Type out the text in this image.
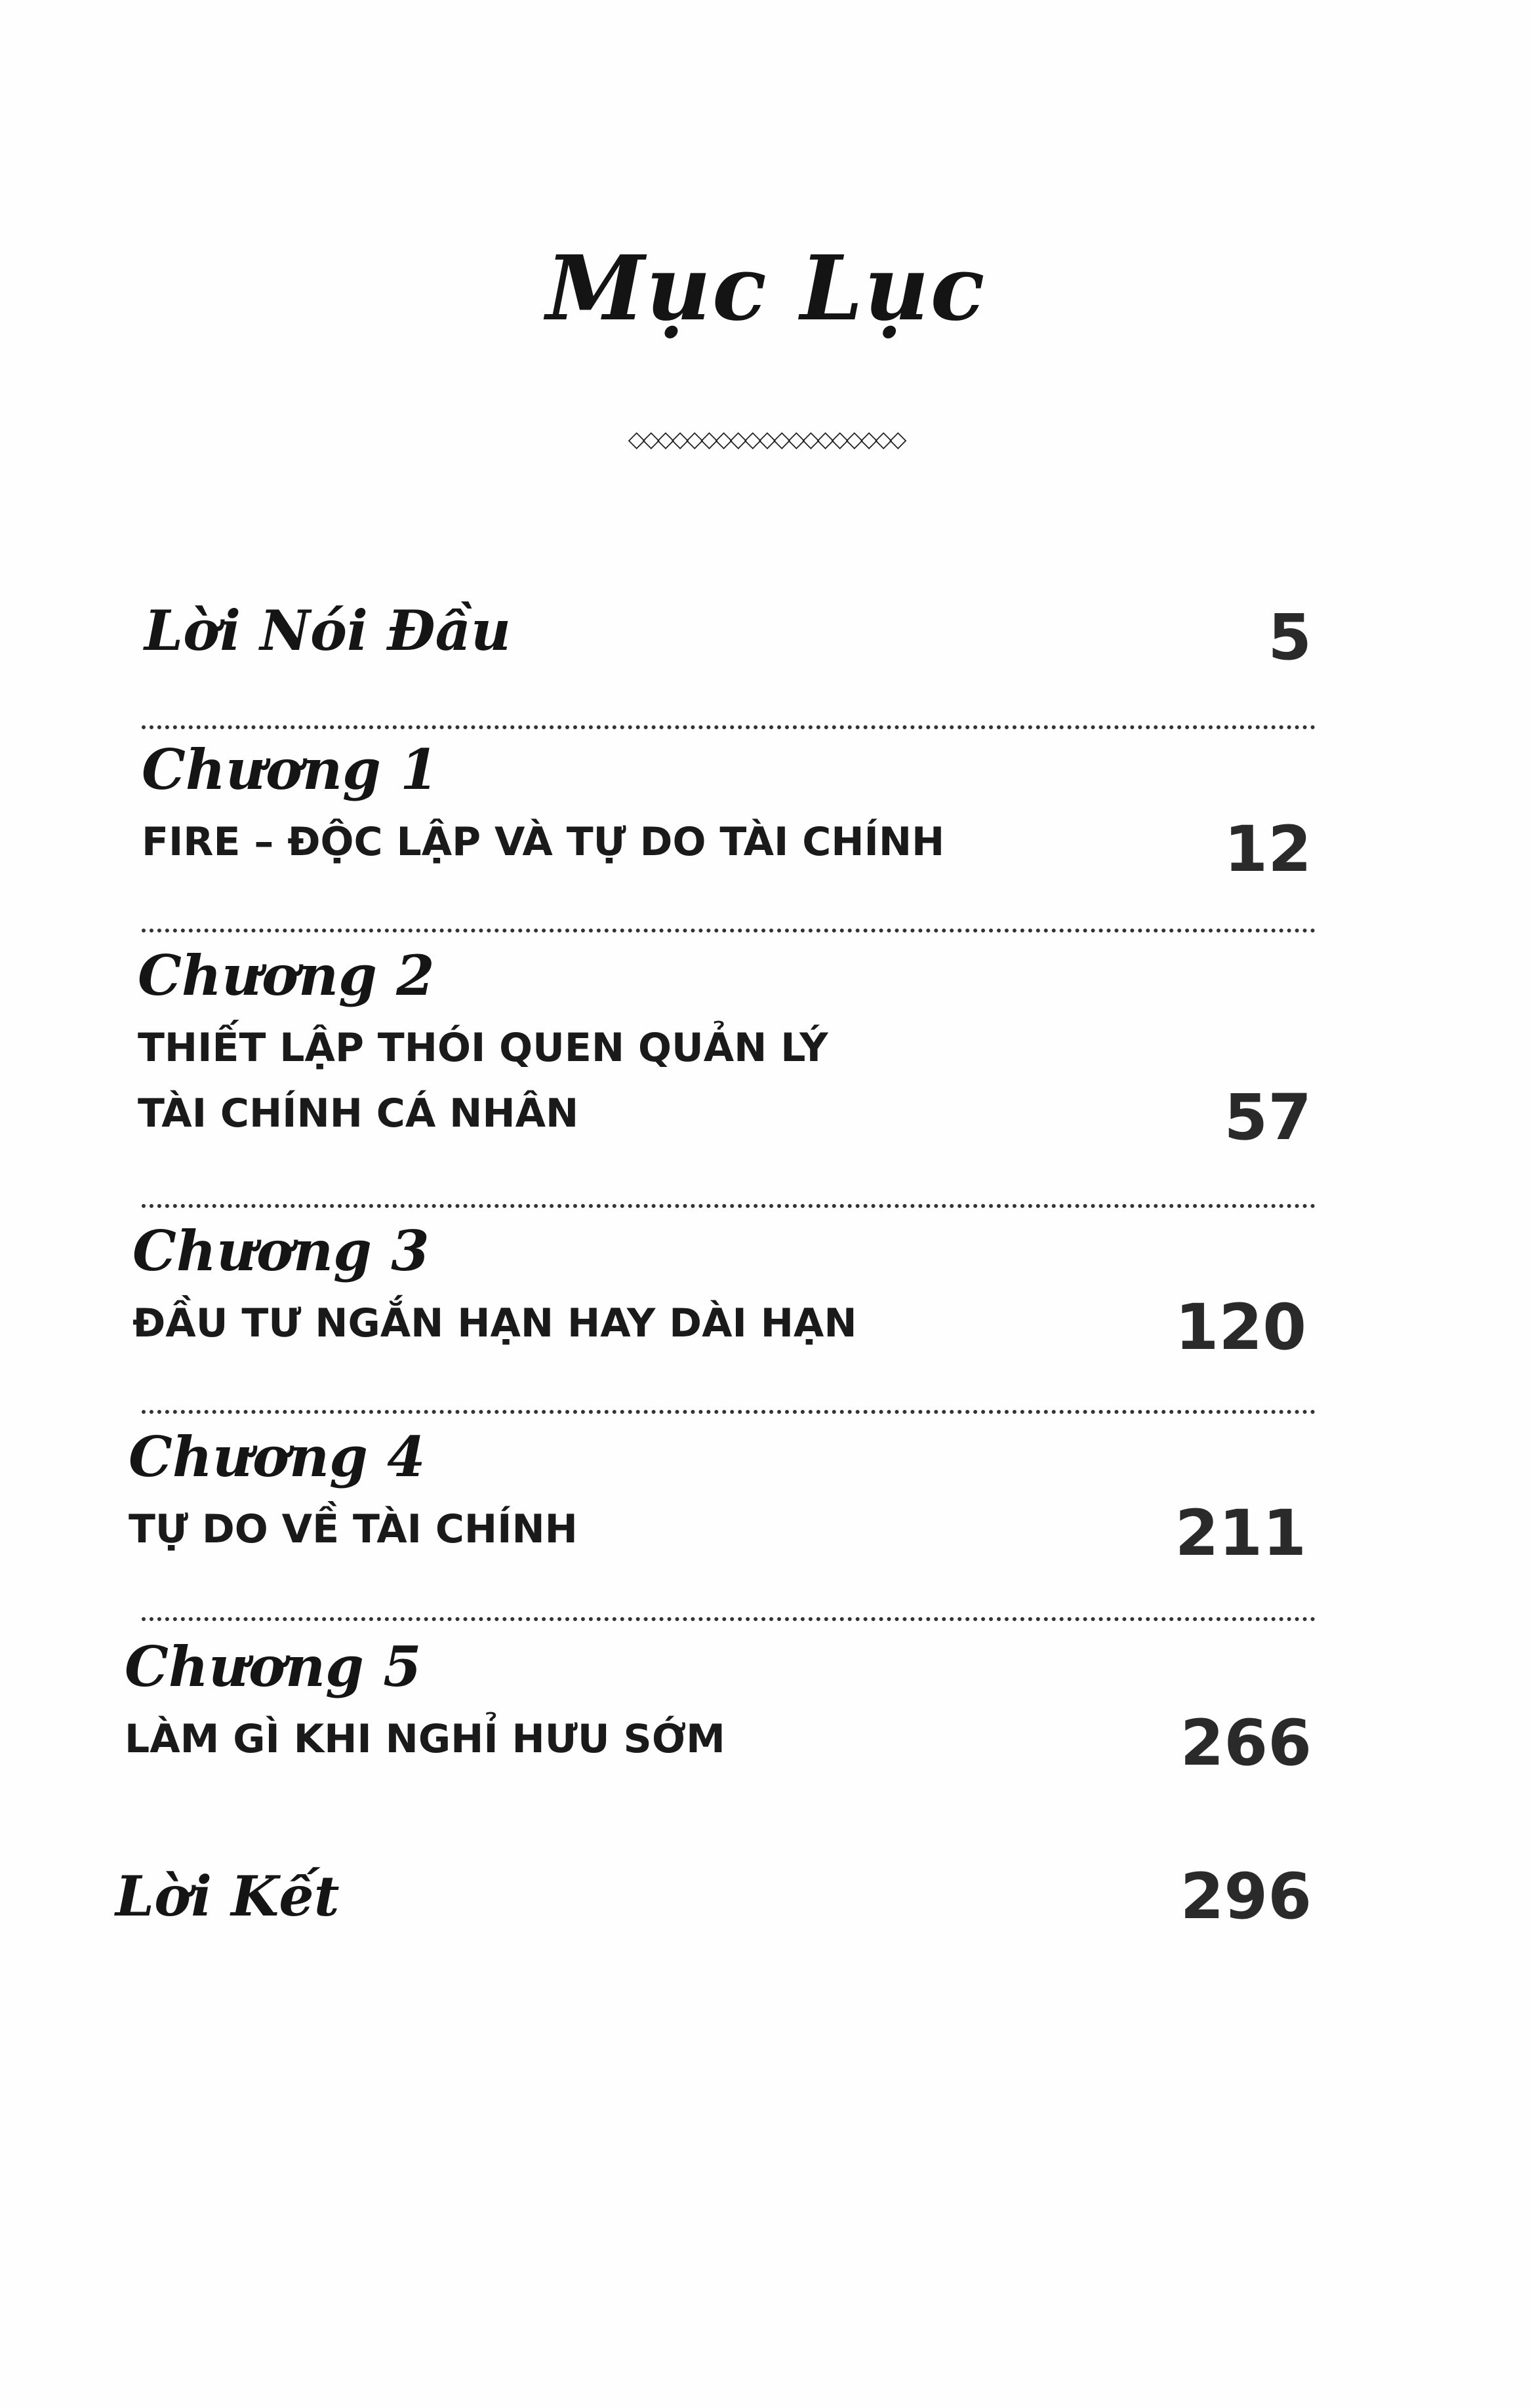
Mục Lục
◇◇◇◇◇◇◇◇◇◇◇◇◇◇◇◇◇◇◇
Lời Nói Đầu	5
Chương 1
FIRE – ĐỘC LẬP VÀ TỰ DO TÀI CHÍNH	12
Chương 2
THIẾT LẬP THÓI QUEN QUẢN LÝ
TÀI CHÍNH CÁ NHÂN	57
Chương 3
ĐẦU TƯ NGẮN HẠN HAY DÀI HẠN	120
Chương 4
TỰ DO VỀ TÀI CHÍNH	211
Chương 5
LÀM GÌ KHI NGHỈ HƯU SỚM	266
Lời Kết	296
